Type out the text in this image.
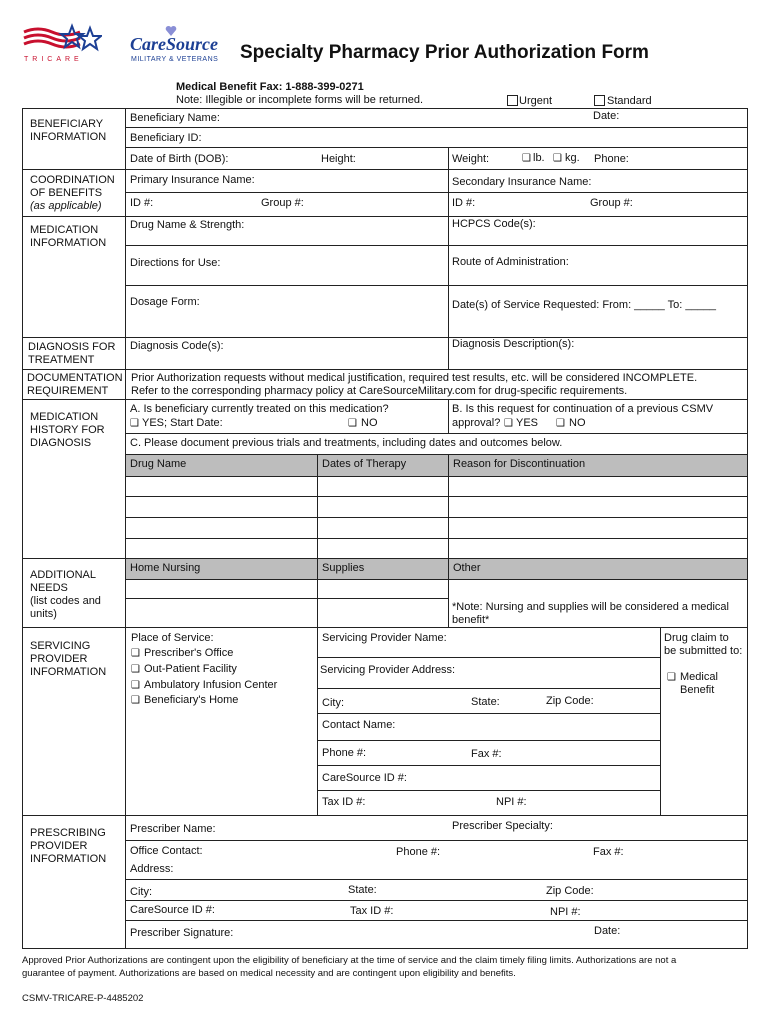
TRICARE
CareSource
MILITARY & VETERANS Specialty Pharmacy Prior Authorization Form
Medical Benefit Fax: 1-888-399-0271
Note: Illegible or incomplete forms will be returned.	Urgent	Standard
BENEFICIARY
INFORMATION
Beneficiary Name:	Date:
Beneficiary ID:
Date of Birth (DOB):	Height:	Weight:	❑ lb. ❑ kg. Phone:
COORDINATION
OF BENEFITS
(as applicable)
Primary Insurance Name:	Secondary Insurance Name:
ID #:	Group #:	ID #:	Group #:
MEDICATION
INFORMATION
Drug Name & Strength:	HCPCS Code(s):
Directions for Use:	Route of Administration:
Dosage Form:	Date(s) of Service Requested: From: _____ To: _____
DIAGNOSIS FOR
TREATMENT
Diagnosis Code(s):	Diagnosis Description(s):
DOCUMENTATION
REQUIREMENT
Prior Authorization requests without medical justification, required test results, etc. will be considered INCOMPLETE.
Refer to the corresponding pharmacy policy at CareSourceMilitary.com for drug-specific requirements.
MEDICATION
HISTORY FOR
DIAGNOSIS
A. Is beneficiary currently treated on this medication?
❑ YES; Start Date:	❑ NO
B. Is this request for continuation of a previous CSMV
approval? ❑ YES ❑ NO
C. Please document previous trials and treatments, including dates and outcomes below.
Drug Name	Dates of Therapy	Reason for Discontinuation
ADDITIONAL
NEEDS
(list codes and
units)
Home Nursing	Supplies	Other
*Note: Nursing and supplies will be considered a medical
benefit*
SERVICING
PROVIDER
INFORMATION
Place of Service:
❑ Prescriber's Office
❑ Out-Patient Facility
❑ Ambulatory Infusion Center
❑ Beneficiary's Home
Servicing Provider Name:
Servicing Provider Address:
City:	State:	Zip Code:
Contact Name:
Phone #:	Fax #:
CareSource ID #:
Tax ID #:	NPI #:
Drug claim to
be submitted to:
❑ Medical
Benefit
PRESCRIBING
PROVIDER
INFORMATION
Prescriber Name:	Prescriber Specialty:
Office Contact:	Phone #:	Fax #:
Address:
City:	State:	Zip Code:
CareSource ID #:	Tax ID #:	NPI #:
Prescriber Signature:	Date:
Approved Prior Authorizations are contingent upon the eligibility of beneficiary at the time of service and the claim timely filing limits. Authorizations are not a
guarantee of payment. Authorizations are based on medical necessity and are contingent upon eligibility and benefits.
CSMV-TRICARE-P-4485202
